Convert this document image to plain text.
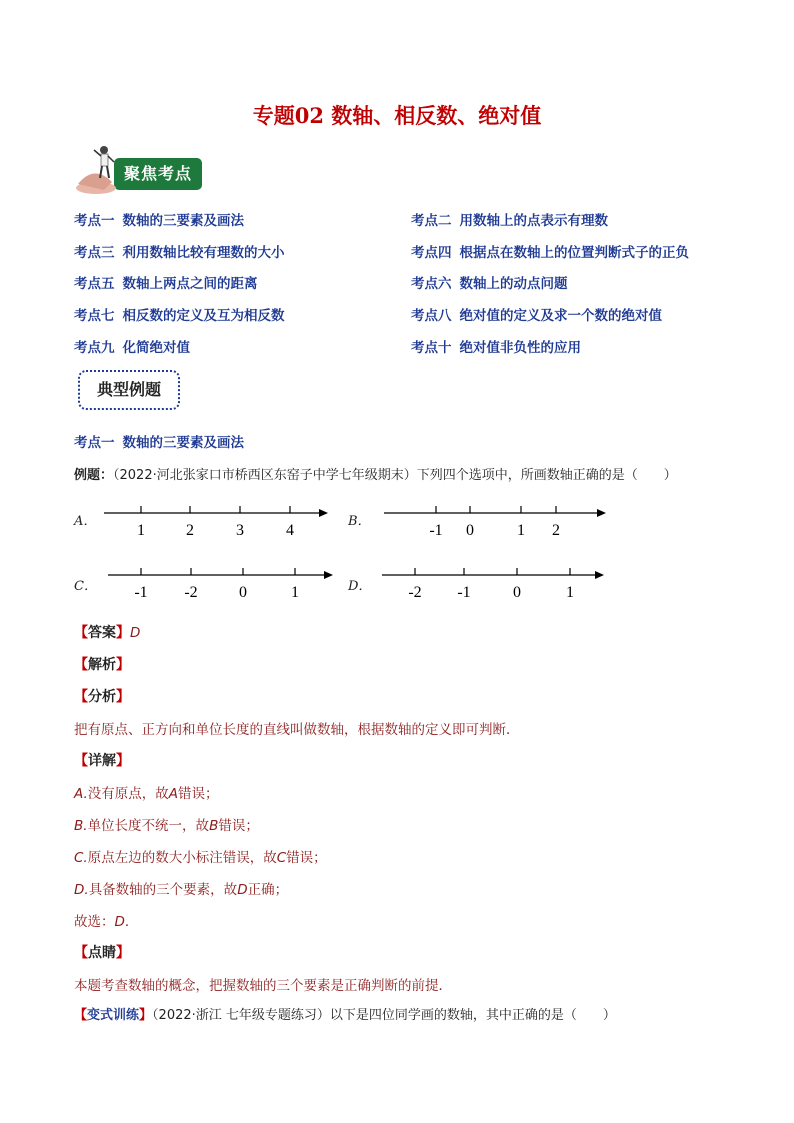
专题02 数轴、相反数、绝对值
聚焦考点
考点一 数轴的三要素及画法	考点二 用数轴上的点表示有理数
考点三 利用数轴比较有理数的大小	考点四 根据点在数轴上的位置判断式子的正负
考点五 数轴上两点之间的距离	考点六 数轴上的动点问题
考点七 相反数的定义及互为相反数	考点八 绝对值的定义及求一个数的绝对值
考点九 化简绝对值	考点十 绝对值非负性的应用
典型例题
考点一 数轴的三要素及画法
例题：（2022·河北张家口市桥西区东窑子中学七年级期末）下列四个选项中，所画数轴正确的是（　　）
A．	B．
C．	D．
1	2	3	4	-1 0	1 2
-1 -2	0	1	-2 -1	0	1
【答案】D
【解析】
【分析】
把有原点、正方向和单位长度的直线叫做数轴，根据数轴的定义即可判断．
【详解】
A.没有原点，故A错误；
B.单位长度不统一，故B错误；
C.原点左边的数大小标注错误，故C错误；
D.具备数轴的三个要素，故D正确；
故选：D．
【点睛】
本题考查数轴的概念，把握数轴的三个要素是正确判断的前提．
【变式训练】（2022·浙江 七年级专题练习）以下是四位同学画的数轴，其中正确的是（　　）
